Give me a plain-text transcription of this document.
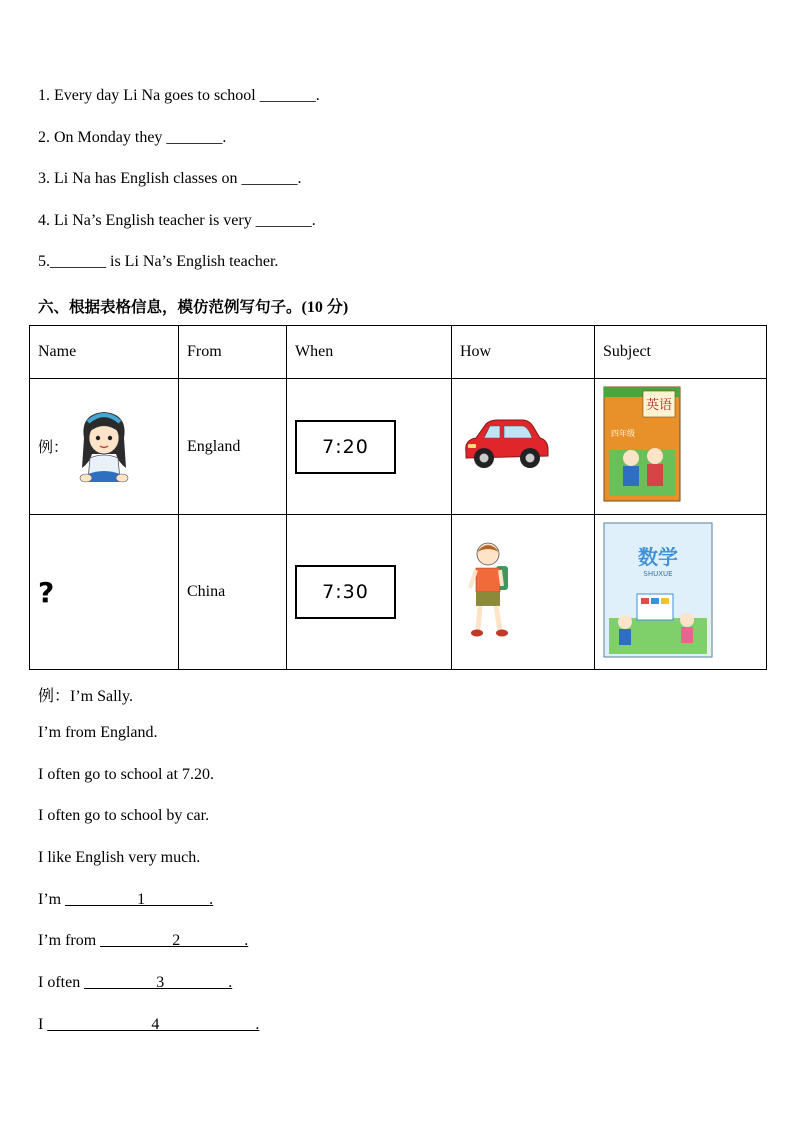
1. Every day Li Na goes to school _______.
2. On Monday they _______.
3. Li Na has English classes on _______.
4. Li Na’s English teacher is very _______.
5._______ is Li Na’s English teacher.
六、根据表格信息，模仿范例写句子。(10 分)
Name	From	When	How	Subject

例：	England	7:20		英语
四年级

?	China	7:30		数学
SHUXUE
例：I’m Sally.
I’m from England.
I often go to school at 7.20.
I often go to school by car.
I like English very much.
I’m _________1________.
I’m from _________2________.
I often _________3________.
I _____________4____________.
